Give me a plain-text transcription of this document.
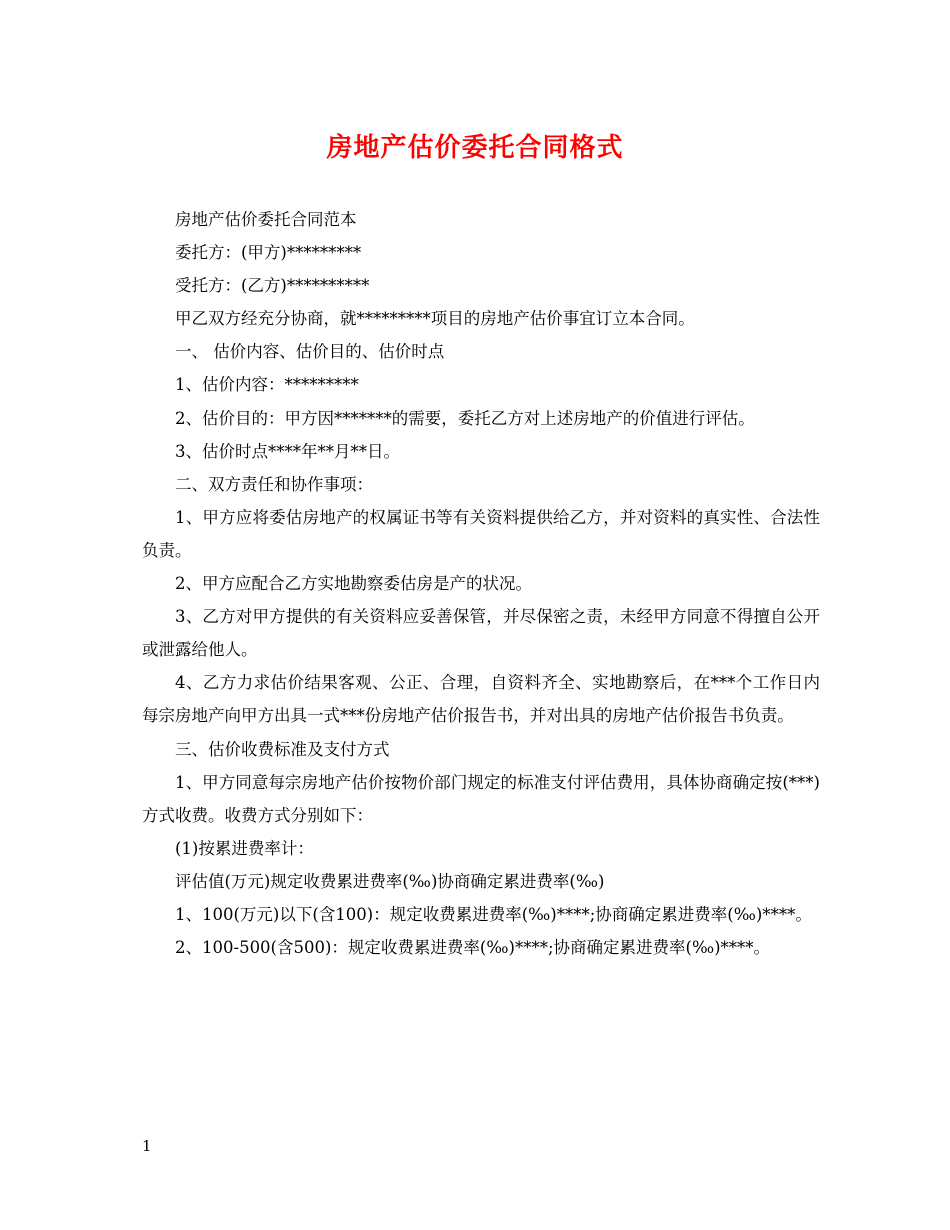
房地产估价委托合同格式

房地产估价委托合同范本

委托方：(甲方)*********

受托方：(乙方)**********

甲乙双方经充分协商，就*********项目的房地产估价事宜订立本合同。

一、 估价内容、估价目的、估价时点

1、估价内容：*********

2、估价目的：甲方因*******的需要，委托乙方对上述房地产的价值进行评估。

3、估价时点****年**月**日。

二、双方责任和协作事项：

1、甲方应将委估房地产的权属证书等有关资料提供给乙方，并对资料的真实性、合法性负责。

2、甲方应配合乙方实地勘察委估房是产的状况。

3、乙方对甲方提供的有关资料应妥善保管，并尽保密之责，未经甲方同意不得擅自公开或泄露给他人。

4、乙方力求估价结果客观、公正、合理，自资料齐全、实地勘察后，在***个工作日内每宗房地产向甲方出具一式***份房地产估价报告书，并对出具的房地产估价报告书负责。

三、估价收费标准及支付方式

1、甲方同意每宗房地产估价按物价部门规定的标准支付评估费用，具体协商确定按(***)方式收费。收费方式分别如下：

(1)按累进费率计：

评估值(万元)规定收费累进费率(‰)协商确定累进费率(‰)

1、100(万元)以下(含100)：规定收费累进费率(‰)****;协商确定累进费率(‰)****。

2、100-500(含500)：规定收费累进费率(‰)****;协商确定累进费率(‰)****。

1
